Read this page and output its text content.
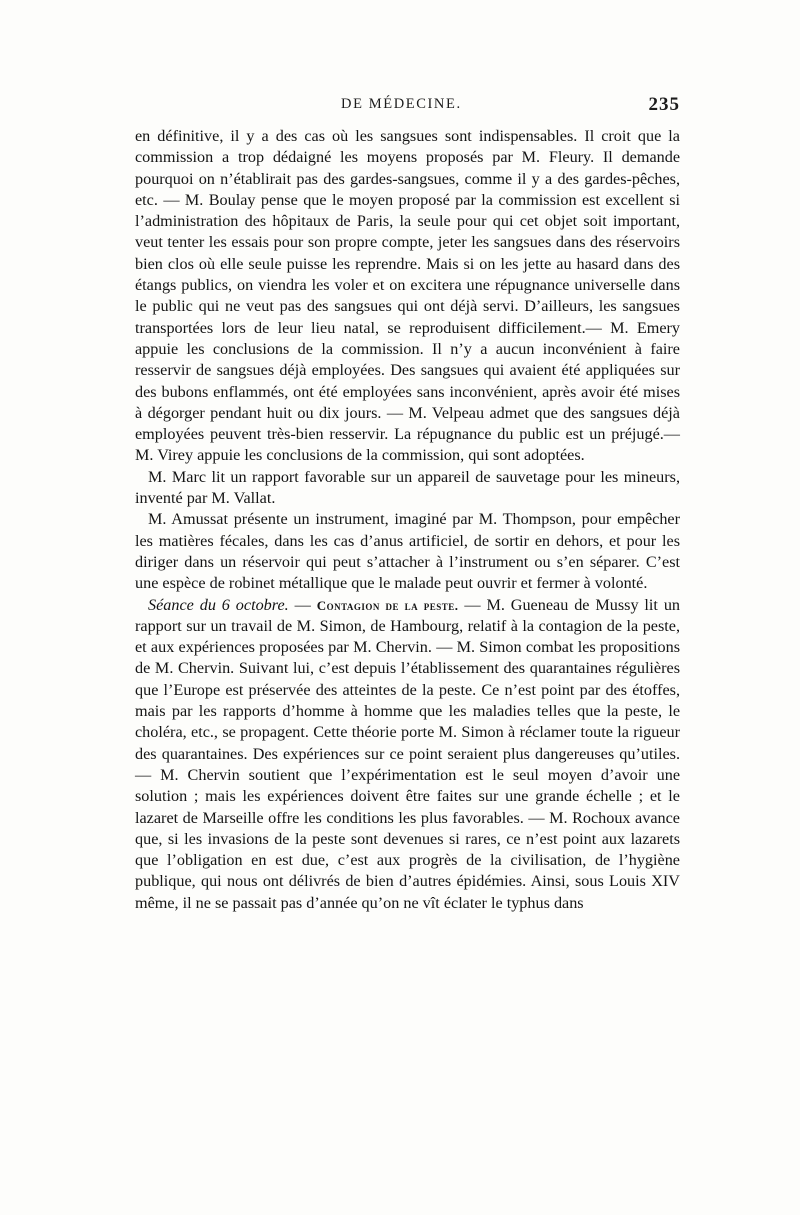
DE MÉDECINE.	235

en définitive, il y a des cas où les sangsues sont indispensables. Il croit que la commission a trop dédaigné les moyens proposés par M. Fleury. Il demande pourquoi on n’établirait pas des gardes-sangsues, comme il y a des gardes-pêches, etc. — M. Boulay pense que le moyen proposé par la commission est excellent si l’administration des hôpitaux de Paris, la seule pour qui cet objet soit important, veut tenter les essais pour son propre compte, jeter les sangsues dans des réservoirs bien clos où elle seule puisse les reprendre. Mais si on les jette au hasard dans des étangs publics, on viendra les voler et on excitera une répugnance universelle dans le public qui ne veut pas des sangsues qui ont déjà servi. D’ailleurs, les sangsues transportées lors de leur lieu natal, se reproduisent difficilement.— M. Emery appuie les conclusions de la commission. Il n’y a aucun inconvénient à faire resservir de sangsues déjà employées. Des sangsues qui avaient été appliquées sur des bubons enflammés, ont été employées sans inconvénient, après avoir été mises à dégorger pendant huit ou dix jours. — M. Velpeau admet que des sangsues déjà employées peuvent très-bien resservir. La répugnance du public est un préjugé.— M. Virey appuie les conclusions de la commission, qui sont adoptées.

M. Marc lit un rapport favorable sur un appareil de sauvetage pour les mineurs, inventé par M. Vallat.

M. Amussat présente un instrument, imaginé par M. Thompson, pour empêcher les matières fécales, dans les cas d’anus artificiel, de sortir en dehors, et pour les diriger dans un réservoir qui peut s’attacher à l’instrument ou s’en séparer. C’est une espèce de robinet métallique que le malade peut ouvrir et fermer à volonté.

Séance du 6 octobre. — Contagion de la peste. — M. Gueneau de Mussy lit un rapport sur un travail de M. Simon, de Hambourg, relatif à la contagion de la peste, et aux expériences proposées par M. Chervin. — M. Simon combat les propositions de M. Chervin. Suivant lui, c’est depuis l’établissement des quarantaines régulières que l’Europe est préservée des atteintes de la peste. Ce n’est point par des étoffes, mais par les rapports d’homme à homme que les maladies telles que la peste, le choléra, etc., se propagent. Cette théorie porte M. Simon à réclamer toute la rigueur des quarantaines. Des expériences sur ce point seraient plus dangereuses qu’utiles. — M. Chervin soutient que l’expérimentation est le seul moyen d’avoir une solution ; mais les expériences doivent être faites sur une grande échelle ; et le lazaret de Marseille offre les conditions les plus favorables. — M. Rochoux avance que, si les invasions de la peste sont devenues si rares, ce n’est point aux lazarets que l’obligation en est due, c’est aux progrès de la civilisation, de l’hygiène publique, qui nous ont délivrés de bien d’autres épidémies. Ainsi, sous Louis XIV même, il ne se passait pas d’année qu’on ne vît éclater le typhus dans
